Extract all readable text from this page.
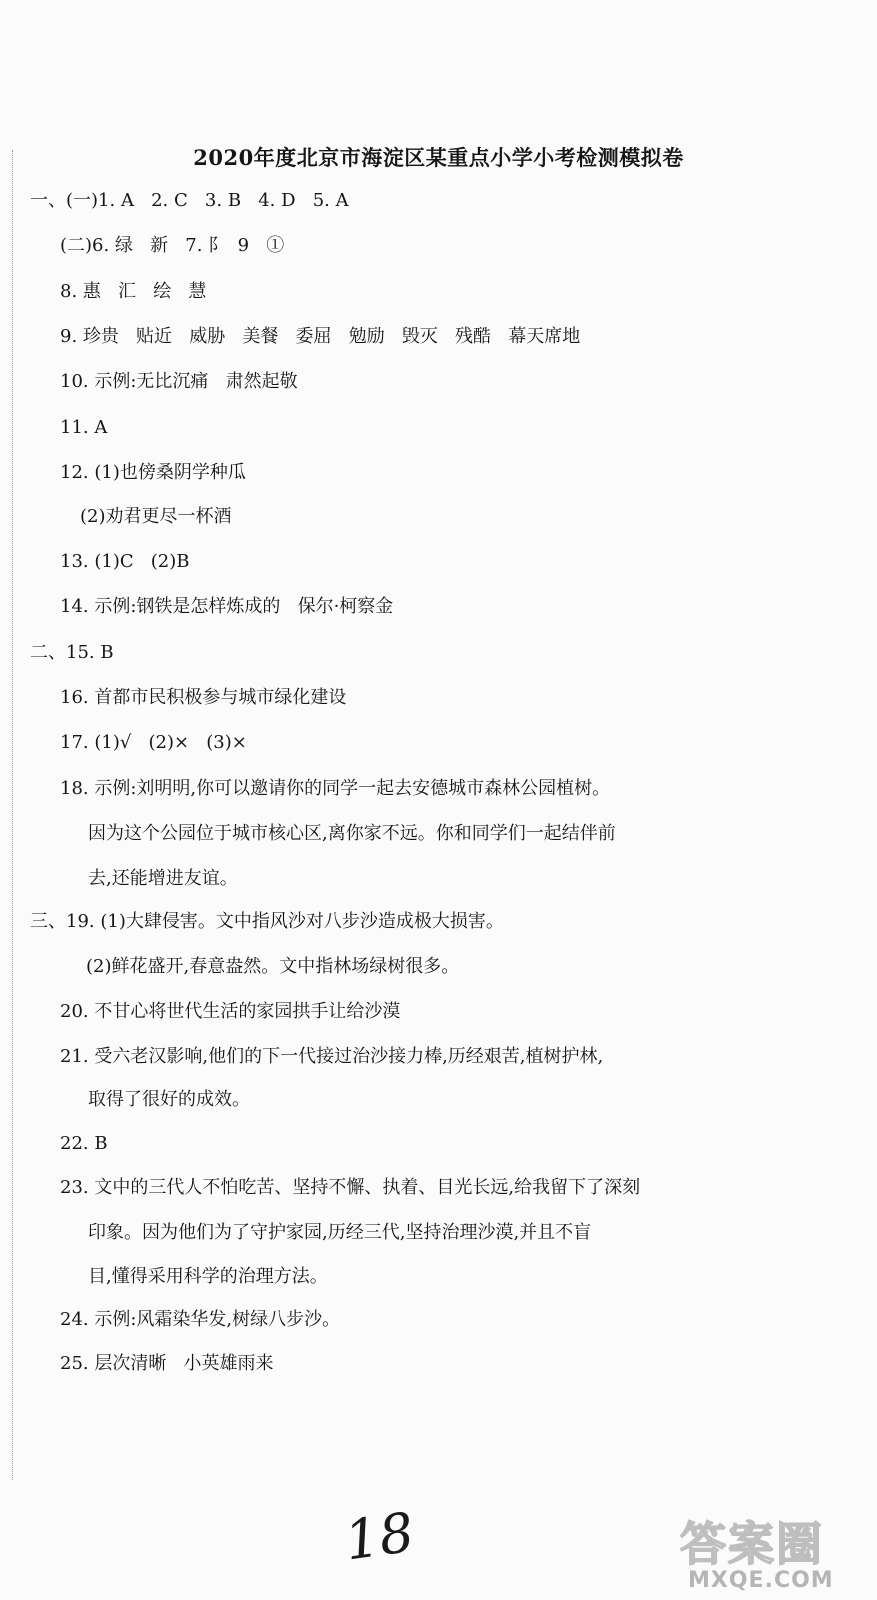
2020年度北京市海淀区某重点小学小考检测模拟卷
一、(一)1. A   2. C   3. B   4. D   5. A
(二)6. 绿   新   7. 阝  9   ①
8. 惠   汇   绘   慧
9. 珍贵   贴近   威胁   美餐   委屈   勉励   毁灭   残酷   幕天席地
10. 示例:无比沉痛   肃然起敬
11. A
12. (1)也傍桑阴学种瓜
(2)劝君更尽一杯酒
13. (1)C   (2)B
14. 示例:钢铁是怎样炼成的   保尔·柯察金
二、15. B
16. 首都市民积极参与城市绿化建设
17. (1)√   (2)×   (3)×
18. 示例:刘明明,你可以邀请你的同学一起去安德城市森林公园植树。
因为这个公园位于城市核心区,离你家不远。你和同学们一起结伴前
去,还能增进友谊。
三、19. (1)大肆侵害。文中指风沙对八步沙造成极大损害。
(2)鲜花盛开,春意盎然。文中指林场绿树很多。
20. 不甘心将世代生活的家园拱手让给沙漠
21. 受六老汉影响,他们的下一代接过治沙接力棒,历经艰苦,植树护林,
取得了很好的成效。
22. B
23. 文中的三代人不怕吃苦、坚持不懈、执着、目光长远,给我留下了深刻
印象。因为他们为了守护家园,历经三代,坚持治理沙漠,并且不盲
目,懂得采用科学的治理方法。
24. 示例:风霜染华发,树绿八步沙。
25. 层次清晰   小英雄雨来
18	答案圈
MXQE.COM
